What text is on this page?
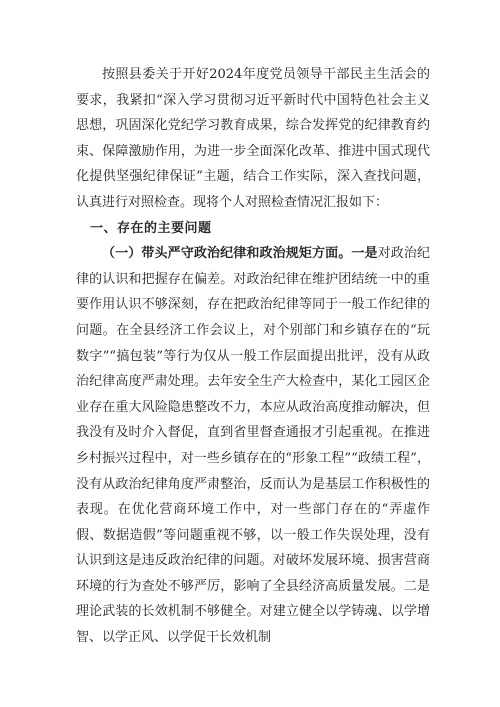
按照县委关于开好2024年度党员领导干部民主生活会的要求，我紧扣“深入学习贯彻习近平新时代中国特色社会主义思想，巩固深化党纪学习教育成果，综合发挥党的纪律教育约束、保障激励作用，为进一步全面深化改革、推进中国式现代化提供坚强纪律保证”主题，结合工作实际，深入查找问题，认真进行对照检查。现将个人对照检查情况汇报如下：

一、存在的主要问题

（一）带头严守政治纪律和政治规矩方面。一是对政治纪律的认识和把握存在偏差。对政治纪律在维护团结统一中的重要作用认识不够深刻，存在把政治纪律等同于一般工作纪律的问题。在全县经济工作会议上，对个别部门和乡镇存在的“玩数字”“搞包装”等行为仅从一般工作层面提出批评，没有从政治纪律高度严肃处理。去年安全生产大检查中，某化工园区企业存在重大风险隐患整改不力，本应从政治高度推动解决，但我没有及时介入督促，直到省里督查通报才引起重视。在推进乡村振兴过程中，对一些乡镇存在的“形象工程”“政绩工程”，没有从政治纪律角度严肃整治，反而认为是基层工作积极性的表现。在优化营商环境工作中，对一些部门存在的“弄虚作假、数据造假”等问题重视不够，以一般工作失误处理，没有认识到这是违反政治纪律的问题。对破坏发展环境、损害营商环境的行为查处不够严厉，影响了全县经济高质量发展。二是理论武装的长效机制不够健全。对建立健全以学铸魂、以学增智、以学正风、以学促干长效机制
